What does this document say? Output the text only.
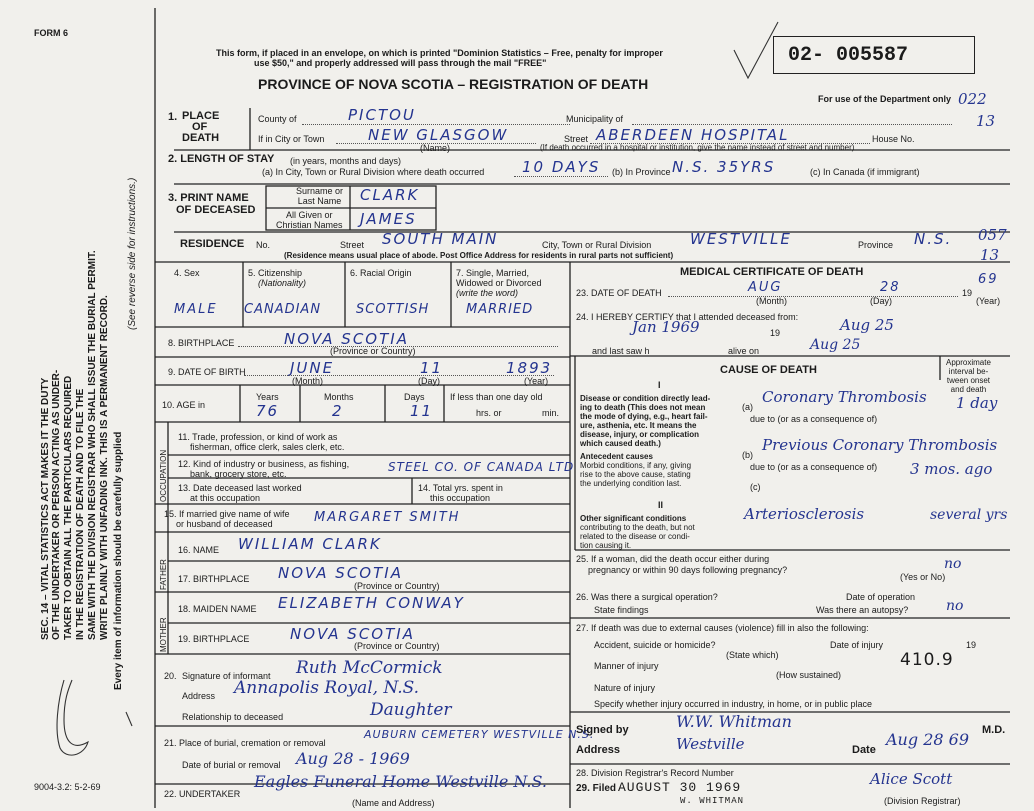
FORM 6
This form, if placed in an envelope, on which is printed "Dominion Statistics – Free, penalty for improper
use $50," and properly addressed will pass through the mail "FREE"
PROVINCE OF NOVA SCOTIA – REGISTRATION OF DEATH
02- 005587
For use of the Department only 022
13
Every item of information should be carefully supplied
SEC. 14 – VITAL STATISTICS ACT MAKES IT THE DUTY OF THE UNDERTAKER OR PERSON ACTING AS UNDER- TAKER TO OBTAIN ALL THE PARTICULARS REQUIRED IN THE REGISTRATION OF DEATH AND TO FILE THE SAME WITH THE DIVISION REGISTRAR WHO SHALL ISSUE THE BURIAL PERMIT. WRITE PLAINLY WITH UNFADING INK. THIS IS A PERMANENT RECORD.
(See reverse side for instructions.)
9004-3.2: 5-2-69
1. PLACE
OF
DEATH
County of	PICTOU	Municipality of
If in City or Town	NEW GLASGOW
(Name)
Street ABERDEEN HOSPITAL	House No.
(If death occurred in a hospital or institution, give the name instead of street and number)
2. LENGTH OF STAY (in years, months and days)
(a) In City, Town or Rural Division where death occurred	10 DAYS (b) In Province N.S. 35YRS	(c) In Canada (if immigrant)
3. PRINT NAME
OF DECEASED
Surname or
Last Name CLARK
All Given or
Christian Names JAMES
RESIDENCE No.	Street SOUTH MAIN	City, Town or Rural Division	WESTVILLE	Province N.S. 057
13
(Residence means usual place of abode. Post Office Address for residents in rural parts not sufficient)
4. Sex
MALE
5. Citizenship
(Nationality)
CANADIAN
6. Racial Origin
SCOTTISH
7. Single, Married,
Widowed or Divorced
(write the word)
MARRIED
8. BIRTHPLACE	NOVA SCOTIA
(Province or Country)
9. DATE OF BIRTH	JUNE	11	1893
(Month)	(Day)	(Year)
10. AGE in
Years	Months	Days
76	2	11
If less than one day old
hrs. or	min.
OCCUPATION
11. Trade, profession, or kind of work as
fisherman, office clerk, sales clerk, etc.
12. Kind of industry or business, as fishing,
bank, grocery store, etc.	STEEL CO. OF CANADA LTD
13. Date deceased last worked
at this occupation
14. Total yrs. spent in
this occupation
15. If married give name of wife
or husband of deceased	MARGARET SMITH
FATHER
MOTHER
16. NAME WILLIAM CLARK
17. BIRTHPLACE NOVA SCOTIA
(Province or Country)
18. MAIDEN NAME ELIZABETH CONWAY
19. BIRTHPLACE	NOVA SCOTIA
(Province or Country)
20. Signature of informant Ruth McCormick
Address Annapolis Royal, N.S.
Relationship to deceased	Daughter
21. Place of burial, cremation or removal
AUBURN CEMETERY WESTVILLE N.S.
Date of burial or removal Aug 28 - 1969
22. UNDERTAKER
Eagles Funeral Home Westville N.S.
(Name and Address)
MEDICAL CERTIFICATE OF DEATH
23. DATE OF DEATH	AUG	28
69
(Month)	(Day)
19
(Year)
24. I HEREBY CERTIFY that I attended deceased from:
Jan 1969	19	Aug 25
and last saw h	alive on	Aug 25
CAUSE OF DEATH
Approximate
interval be-
tween onset
and death
I
Disease or condition directly lead-
ing to death (This does not mean
the mode of dying, e.g., heart fail-
ure, asthenia, etc. It means the
disease, injury, or complication
which caused death.)
(a)
Coronary Thrombosis 1 day
due to (or as a consequence of)
Antecedent causes
Morbid conditions, if any, giving
rise to the above cause, stating
the underlying condition last.
(b)
Previous Coronary Thrombosis
due to (or as a consequence of) 3 mos. ago
(c)
II
Other significant conditions
contributing to the death, but not
related to the disease or condi-
tion causing it.
Arteriosclerosis	several yrs
25. If a woman, did the death occur either during
pregnancy or within 90 days following pregnancy?	no
(Yes or No)
26. Was there a surgical operation?	Date of operation
State findings	Was there an autopsy?	no
27. If death was due to external causes (violence) fill in also the following:
Accident, suicide or homicide?	Date of injury	19
(State which)
Manner of injury	410.9
(How sustained)
Nature of injury
Specify whether injury occurred in industry, in home, or in public place
Signed by	W.W. Whitman	M.D.
Address	Westville	Date
Aug 28 69
28. Division Registrar's Record Number
29. Filed AUGUST 30 1969	Alice Scott
(Division Registrar)
W. WHITMAN
